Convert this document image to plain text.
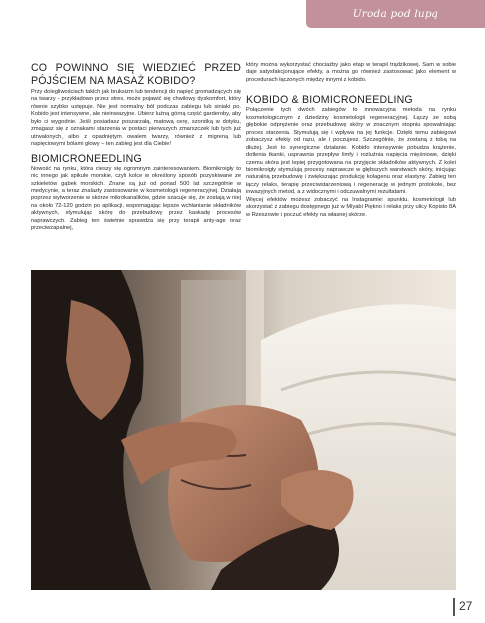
Uroda pod lupą
CO POWINNO SIĘ WIEDZIEĆ PRZED PÓJŚCIEM NA MASAŻ KOBIDO?

Przy dolegliwościach takich jak bruksizm lub tendencji do napięć gromadzących się na twarzy - przykładowo przez stres, może pojawić się chwilowy dyskomfort, który równie szybko ustępuje. Nie jest normalny ból podczas zabiegu lub siniaki po. Kobido jest intensywne, ale nieinwazyjne. Ubierz luźną górną część garderoby, aby było ci wygodnie. Jeśli posiadasz poszarzałą, matową cerę, szorstką w dotyku, zmagasz się z oznakami starzenia w postaci pierwszych zmarszczek lub tych już utrwalonych, albo z opadniętym owalem twarzy, również z migreną lub napięciowymi bólami głowy – ten zabieg jest dla Ciebie!

BIOMICRONEEDLING

Nowość na rynku, która cieszy się ogromnym zainteresowaniem. Biomikroigły to nic innego jak spikule morskie, czyli kolce w określony sposób pozyskiwane ze szkieletów gąbek morskich. Znane są już od ponad 500 lat szczególnie w medycynie, a teraz znalazły zastosowanie w kosmetologii regeneracyjnej. Działają poprzez wytworzenie w skórze mikrokanalików, gdzie szacuje się, że zostają w niej na około 72-120 godzin po aplikacji, wspomagając lepsze wchłanianie składników aktywnych, stymulując skórę do przebudowy przez kaskadę procesów naprawczych. Zabieg ten świetnie sprawdza się przy terapii anty-age oraz przeciwzapalnej,

który można wykorzystać chociażby jako etap w terapii trądzikowej. Sam w sobie daje satysfakcjonujące efekty, a można go również zastosować jako element w procedurach łączonych między innymi z kobido.

KOBIDO & BIOMICRONEEDLING

Połączenie tych dwóch zabiegów to innowacyjna metoda na rynku kosmetologicznym z dziedziny kosmetologii regeneracyjnej. Łączy ze sobą głębokie odprężenie oraz przebudowę skóry w znacznym stopniu spowalniając proces starzenia. Stymulują się i wpływa na jej funkcje. Dzięki temu zabiegowi zobaczysz efekty od razu, ale i poczujesz. Szczególnie, że zostaną z tobą na dłużej. Jest to synergiczne działanie. Kobido intensywnie pobudza krążenie, dotlenia tkanki, usprawnia przepływ limfy i rozluźnia napięcia mięśniowe, dzięki czemu skóra jest lepiej przygotowana na przyjęcie składników aktywnych. Z kolei biomikroigły stymulują procesy naprawcze w głębszych warstwach skóry, inicjując naturalną przebudowę i zwiększając produkcję kolagenu oraz elastyny. Zabieg ten łączy relaks, terapię przeciwstarzeniową i regenerację w jednym protokole, bez inwazyjnych metod, a z widocznymi i odczuwalnymi rezultatami.

Więcej efektów możesz zobaczyć na Instagramie: spunktu. kosmetologii lub skorzystać z zabiegu dostępnego już w Miyabi Piękno i relaks przy ulicy Kopisto 8A w Rzeszowie i poczuć efekty na własnej skórze.

27
